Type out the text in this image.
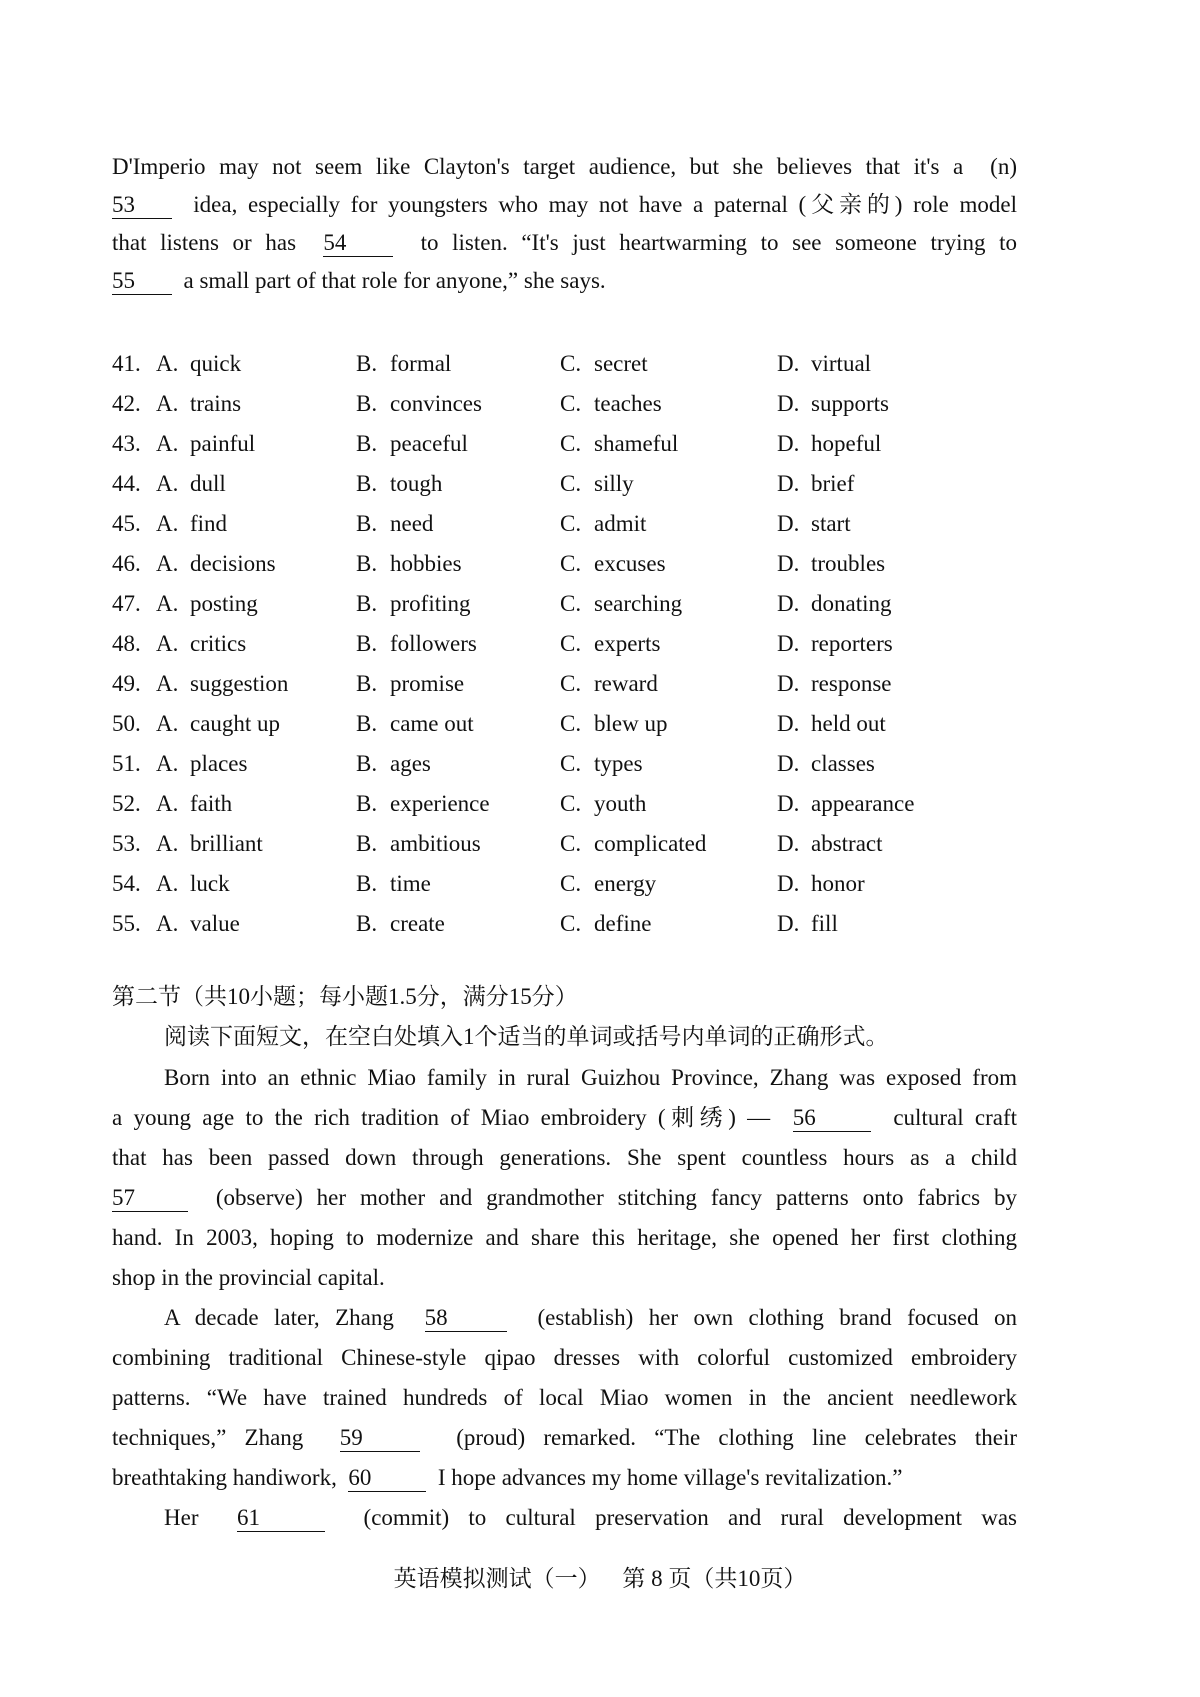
D'Imperio may not seem like Clayton's target audience, but she believes that it's a  (n)

53  idea, especially for youngsters who may not have a paternal (父亲的) role model

that listens or has  54  to listen. “It's just heartwarming to see someone trying to

55  a small part of that role for anyone,” she says.

41. A. quick	B. formal	C. secret	D. virtual
42. A. trains	B. convinces	C. teaches	D. supports
43. A. painful	B. peaceful	C. shameful	D. hopeful
44. A. dull	B. tough	C. silly	D. brief
45. A. find	B. need	C. admit	D. start
46. A. decisions	B. hobbies	C. excuses	D. troubles
47. A. posting	B. profiting	C. searching	D. donating
48. A. critics	B. followers	C. experts	D. reporters
49. A. suggestion	B. promise	C. reward	D. response
50. A. caught up	B. came out	C. blew up	D. held out
51. A. places	B. ages	C. types	D. classes
52. A. faith	B. experience	C. youth	D. appearance
53. A. brilliant	B. ambitious	C. complicated	D. abstract
54. A. luck	B. time	C. energy	D. honor
55. A. value	B. create	C. define	D. fill
第二节（共10小题；每小题1.5分，满分15分）
阅读下面短文，在空白处填入1个适当的单词或括号内单词的正确形式。

Born into an ethnic Miao family in rural Guizhou Province, Zhang was exposed from

a young age to the rich tradition of Miao embroidery (刺绣) —  56  cultural craft

that has been passed down through generations. She spent countless hours as a child

57  (observe) her mother and grandmother stitching fancy patterns onto fabrics by

hand. In 2003, hoping to modernize and share this heritage, she opened her first clothing

shop in the provincial capital.

A decade later, Zhang  58	(establish) her own clothing brand focused on

combining traditional Chinese-style qipao dresses with colorful customized embroidery

patterns. “We have trained hundreds of local Miao women in the ancient needlework

techniques,” Zhang  59  (proud) remarked. “The clothing line celebrates their

breathtaking handiwork,  60  I hope advances my home village's revitalization.”

Her  61	(commit) to cultural preservation and rural development was

英语模拟测试（一） 第 8 页（共10页）
